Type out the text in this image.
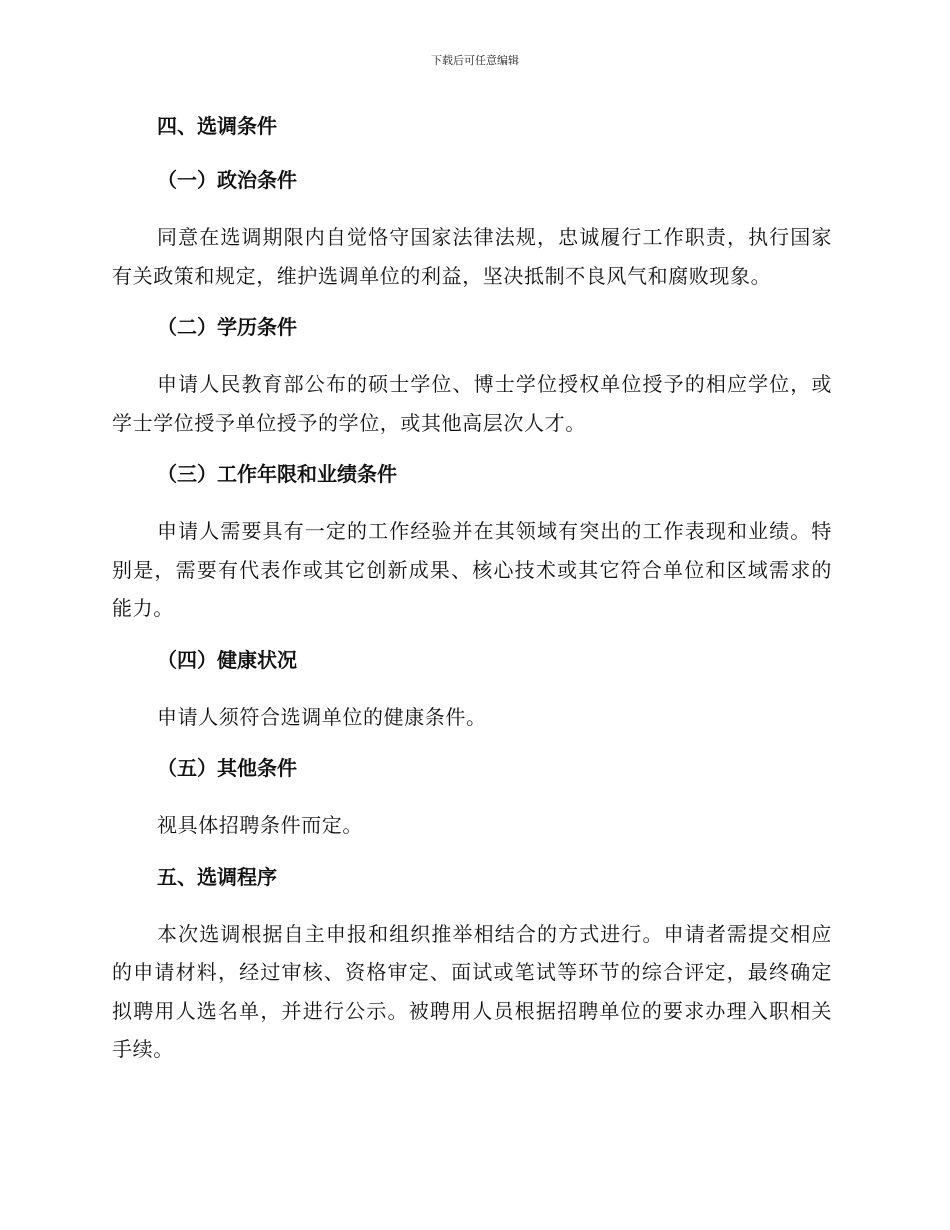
下载后可任意编辑
四、选调条件
（一）政治条件

同意在选调期限内自觉恪守国家法律法规，忠诚履行工作职责，执行国家有关政策和规定，维护选调单位的利益，坚决抵制不良风气和腐败现象。

（二）学历条件

申请人民教育部公布的硕士学位、博士学位授权单位授予的相应学位，或学士学位授予单位授予的学位，或其他高层次人才。

（三）工作年限和业绩条件

申请人需要具有一定的工作经验并在其领域有突出的工作表现和业绩。特别是，需要有代表作或其它创新成果、核心技术或其它符合单位和区域需求的能力。

（四）健康状况

申请人须符合选调单位的健康条件。

（五）其他条件

视具体招聘条件而定。

五、选调程序

本次选调根据自主申报和组织推举相结合的方式进行。申请者需提交相应的申请材料，经过审核、资格审定、面试或笔试等环节的综合评定，最终确定拟聘用人选名单，并进行公示。被聘用人员根据招聘单位的要求办理入职相关手续。
